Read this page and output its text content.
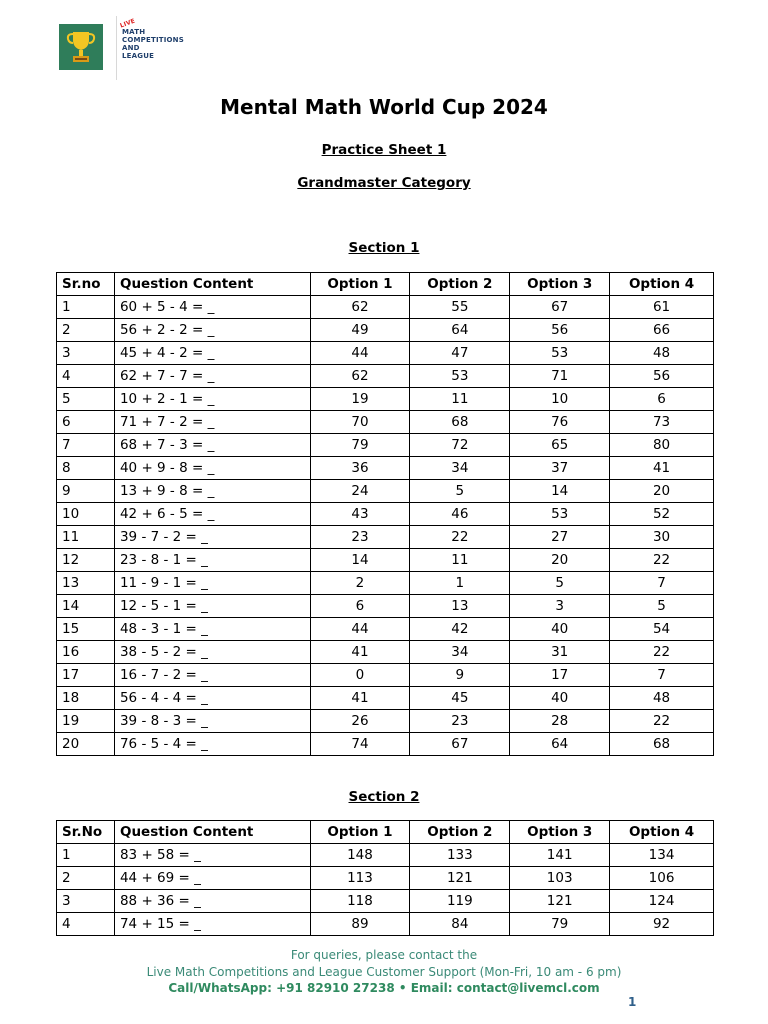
LIVE
MATH
COMPETITIONS
AND
LEAGUE
Mental Math World Cup 2024
Practice Sheet 1
Grandmaster Category
Section 1
Sr.no	Question Content	Option 1	Option 2	Option 3	Option 4
1	60 + 5 - 4 = _	62	55	67	61
2	56 + 2 - 2 = _	49	64	56	66
3	45 + 4 - 2 = _	44	47	53	48
4	62 + 7 - 7 = _	62	53	71	56
5	10 + 2 - 1 = _	19	11	10	6
6	71 + 7 - 2 = _	70	68	76	73
7	68 + 7 - 3 = _	79	72	65	80
8	40 + 9 - 8 = _	36	34	37	41
9	13 + 9 - 8 = _	24	5	14	20
10	42 + 6 - 5 = _	43	46	53	52
11	39 - 7 - 2 = _	23	22	27	30
12	23 - 8 - 1 = _	14	11	20	22
13	11 - 9 - 1 = _	2	1	5	7
14	12 - 5 - 1 = _	6	13	3	5
15	48 - 3 - 1 = _	44	42	40	54
16	38 - 5 - 2 = _	41	34	31	22
17	16 - 7 - 2 = _	0	9	17	7
18	56 - 4 - 4 = _	41	45	40	48
19	39 - 8 - 3 = _	26	23	28	22
20	76 - 5 - 4 = _	74	67	64	68
Section 2
Sr.No	Question Content	Option 1	Option 2	Option 3	Option 4
1	83 + 58 = _	148	133	141	134
2	44 + 69 = _	113	121	103	106
3	88 + 36 = _	118	119	121	124
4	74 + 15 = _	89	84	79	92
For queries, please contact the
Live Math Competitions and League Customer Support (Mon-Fri, 10 am - 6 pm)
Call/WhatsApp: +91 82910 27238 • Email: contact@livemcl.com
1
